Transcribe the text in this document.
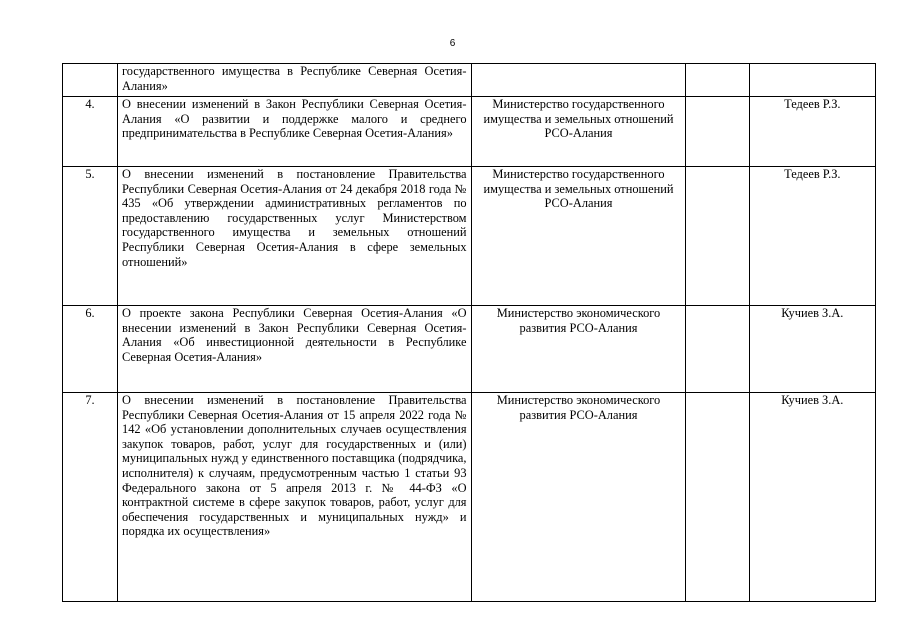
6
	государственного имущества в Республике Северная Осетия-Алания»			
4.	О внесении изменений в Закон Республики Северная Осетия-Алания «О развитии и поддержке малого и среднего предпринимательства в Республике Северная Осетия-Алания»	Министерство государственного имущества и земельных отношений РСО-Алания		Тедеев Р.З.
5.	О внесении изменений в постановление Правительства Республики Северная Осетия-Алания от 24 декабря 2018 года № 435 «Об утверждении административных регламентов по предоставлению государственных услуг Министерством государственного имущества и земельных отношений Республики Северная Осетия-Алания в сфере земельных отношений»	Министерство государственного имущества и земельных отношений РСО-Алания		Тедеев Р.З.
6.	О проекте закона Республики Северная Осетия-Алания «О внесении изменений в Закон Республики Северная Осетия-Алания «Об инвестиционной деятельности в Республике Северная Осетия-Алания»	Министерство экономического развития РСО-Алания		Кучиев З.А.
7.	О внесении изменений в постановление Правительства Республики Северная Осетия-Алания от 15 апреля 2022 года № 142 «Об установлении дополнительных случаев осуществления закупок товаров, работ, услуг для государственных и (или) муниципальных нужд у единственного поставщика (подрядчика, исполнителя) к случаям, предусмотренным частью 1 статьи 93 Федерального закона от 5 апреля 2013 г. № 44-ФЗ «О контрактной системе в сфере закупок товаров, работ, услуг для обеспечения государственных и муниципальных нужд» и порядка их осуществления»	Министерство экономического развития РСО-Алания		Кучиев З.А.
